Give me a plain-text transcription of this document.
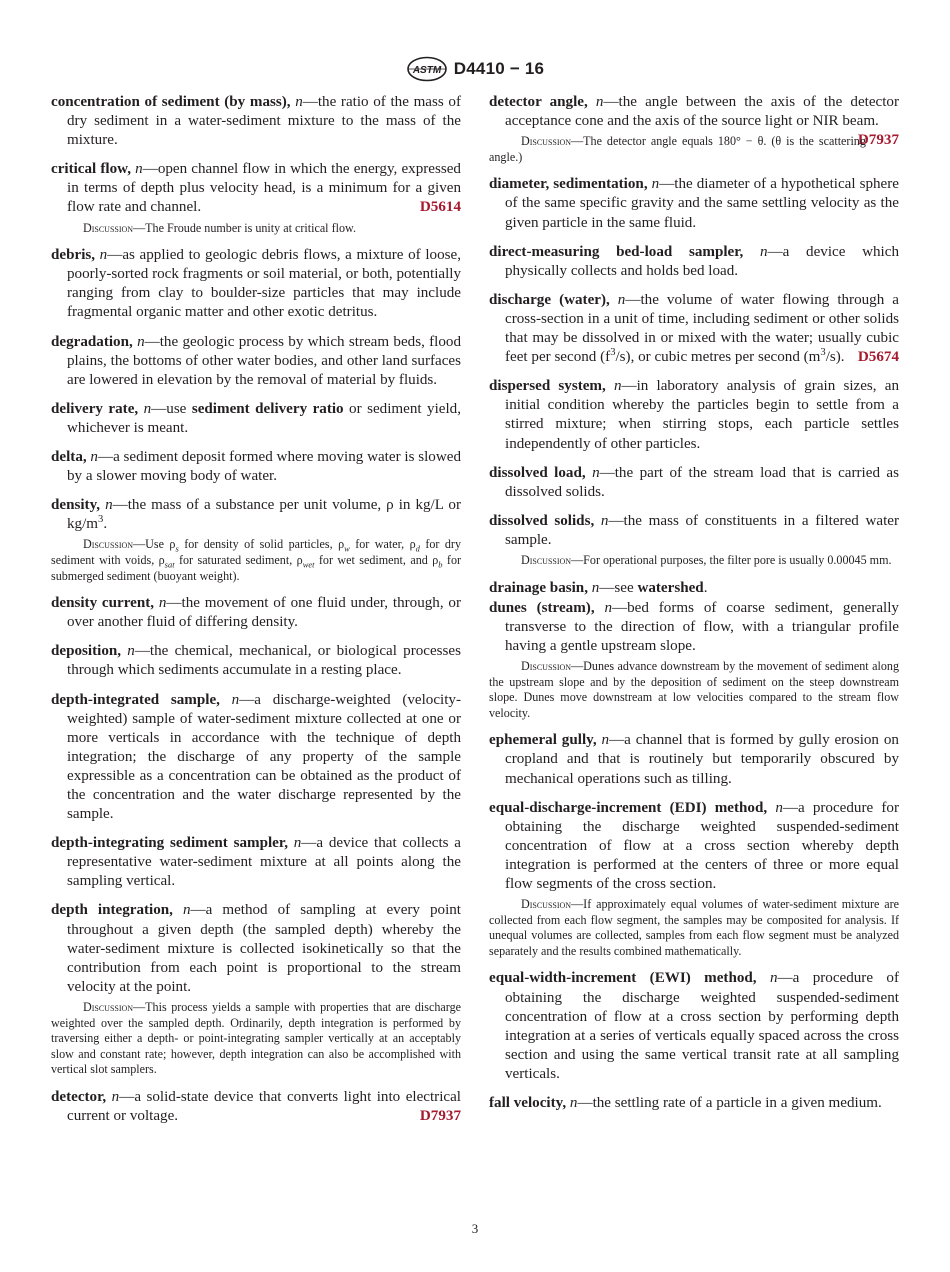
ASTM D4410 − 16
concentration of sediment (by mass), n—the ratio of the mass of dry sediment in a water-sediment mixture to the mass of the mixture.
critical flow, n—open channel flow in which the energy, expressed in terms of depth plus velocity head, is a minimum for a given flow rate and channel.	D5614
Discussion—The Froude number is unity at critical flow.
debris, n—as applied to geologic debris flows, a mixture of loose, poorly-sorted rock fragments or soil material, or both, potentially ranging from clay to boulder-size particles that may include fragmental organic matter and other exotic detritus.
degradation, n—the geologic process by which stream beds, flood plains, the bottoms of other water bodies, and other land surfaces are lowered in elevation by the removal of material by fluids.
delivery rate, n—use sediment delivery ratio or sediment yield, whichever is meant.
delta, n—a sediment deposit formed where moving water is slowed by a slower moving body of water.
density, n—the mass of a substance per unit volume, ρ in kg/L or $kg/m^3$.
Discussion—Use $\rho_s$ for density of solid particles, $\rho_w$ for water, $\rho_d$ for dry sediment with voids, $\rho_{sat}$ for saturated sediment, $\rho_{wet}$ for wet sediment, and $\rho_b$ for submerged sediment (buoyant weight).
density current, n—the movement of one fluid under, through, or over another fluid of differing density.
deposition, n—the chemical, mechanical, or biological processes through which sediments accumulate in a resting place.
depth-integrated sample, n—a discharge-weighted (velocity-weighted) sample of water-sediment mixture collected at one or more verticals in accordance with the technique of depth integration; the discharge of any property of the sample expressible as a concentration can be obtained as the product of the concentration and the water discharge represented by the sample.
depth-integrating sediment sampler, n—a device that collects a representative water-sediment mixture at all points along the sampling vertical.
depth integration, n—a method of sampling at every point throughout a given depth (the sampled depth) whereby the water-sediment mixture is collected isokinetically so that the contribution from each point is proportional to the stream velocity at the point.
Discussion—This process yields a sample with properties that are discharge weighted over the sampled depth. Ordinarily, depth integration is performed by traversing either a depth- or point-integrating sampler vertically at an acceptably slow and constant rate; however, depth integration can also be accomplished with vertical slot samplers.
detector, n—a solid-state device that converts light into electrical current or voltage.	D7937
detector angle, n—the angle between the axis of the detector acceptance cone and the axis of the source light or NIR beam.
D7937
Discussion—The detector angle equals 180° − θ. (θ is the scattering angle.)
diameter, sedimentation, n—the diameter of a hypothetical sphere of the same specific gravity and the same settling velocity as the given particle in the same fluid.
direct-measuring bed-load sampler, n—a device which physically collects and holds bed load.
discharge (water), n—the volume of water flowing through a cross-section in a unit of time, including sediment or other solids that may be dissolved in or mixed with the water; usually cubic feet per second $(f^3/s)$, or cubic metres per second $(m^3/s)$. D5674
dispersed system, n—in laboratory analysis of grain sizes, an initial condition whereby the particles begin to settle from a stirred mixture; when stirring stops, each particle settles independently of other particles.
dissolved load, n—the part of the stream load that is carried as dissolved solids.
dissolved solids, n—the mass of constituents in a filtered water sample.
Discussion—For operational purposes, the filter pore is usually 0.00045 mm.
drainage basin, n—see watershed.
dunes (stream), n—bed forms of coarse sediment, generally transverse to the direction of flow, with a triangular profile having a gentle upstream slope.
Discussion—Dunes advance downstream by the movement of sediment along the upstream slope and by the deposition of sediment on the steep downstream slope. Dunes move downstream at low velocities compared to the stream flow velocity.
ephemeral gully, n—a channel that is formed by gully erosion on cropland and that is routinely but temporarily obscured by mechanical operations such as tilling.
equal-discharge-increment (EDI) method, n—a procedure for obtaining the discharge weighted suspended-sediment concentration of flow at a cross section whereby depth integration is performed at the centers of three or more equal flow segments of the cross section.
Discussion—If approximately equal volumes of water-sediment mixture are collected from each flow segment, the samples may be composited for analysis. If unequal volumes are collected, samples from each flow segment must be analyzed separately and the results combined mathematically.
equal-width-increment (EWI) method, n—a procedure of obtaining the discharge weighted suspended-sediment concentration of flow at a cross section by performing depth integration at a series of verticals equally spaced across the cross section and using the same vertical transit rate at all sampling verticals.
fall velocity, n—the settling rate of a particle in a given medium.
3
